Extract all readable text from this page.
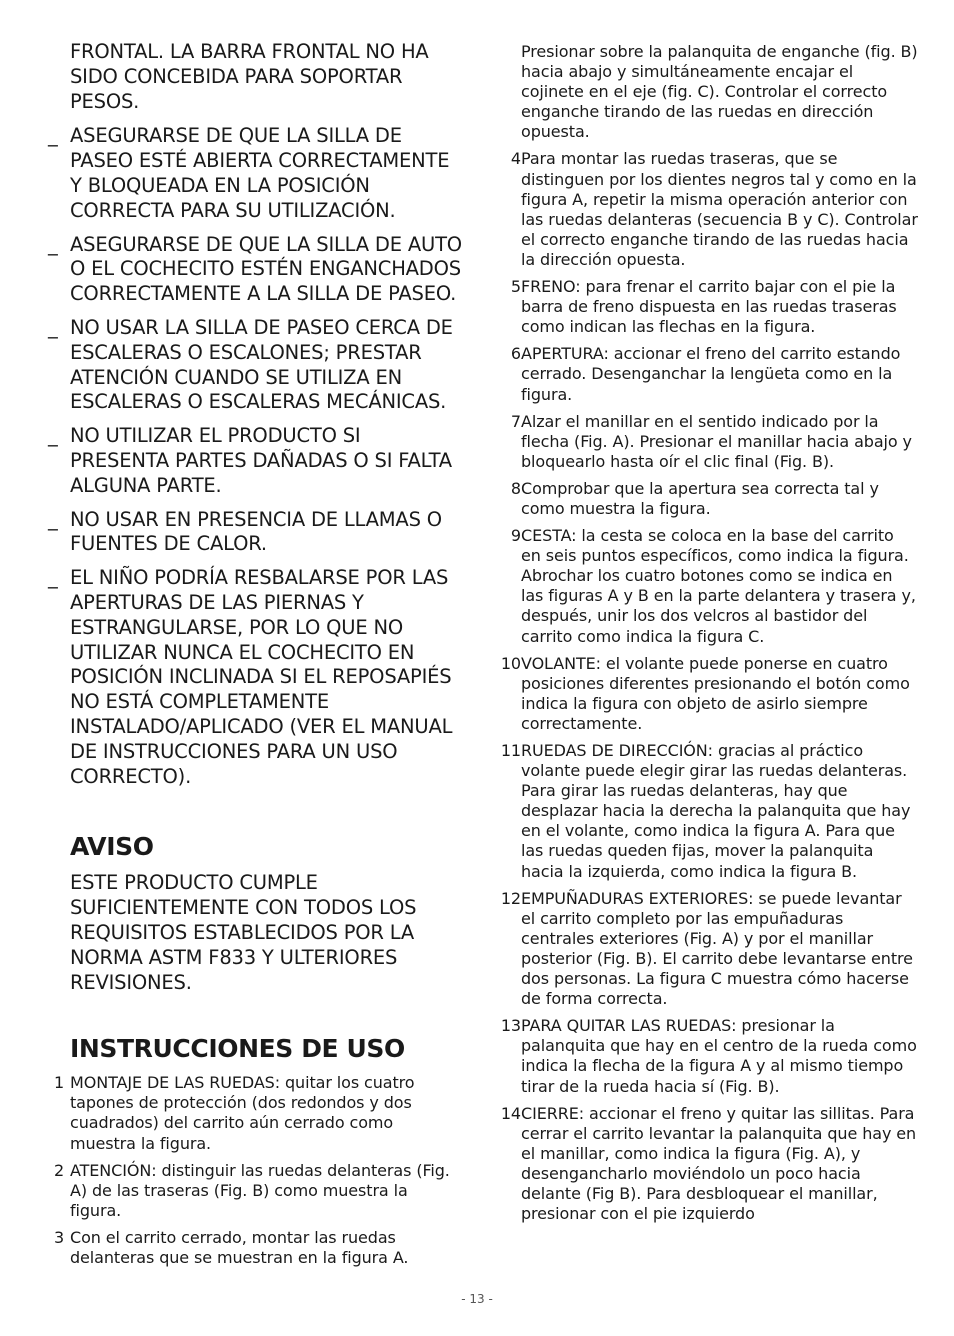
FRONTAL. LA BARRA FRONTAL NO HA SIDO CONCEBIDA PARA SOPORTAR PESOS.
_ ASEGURARSE DE QUE LA SILLA DE PASEO ESTÉ ABIERTA CORRECTAMENTE Y BLOQUEADA EN LA POSICIÓN CORRECTA PARA SU UTILIZACIÓN.
_ ASEGURARSE DE QUE LA SILLA DE AUTO O EL COCHECITO ESTÉN ENGANCHADOS CORRECTAMENTE A LA SILLA DE PASEO.
_ NO USAR LA SILLA DE PASEO CERCA DE ESCALERAS O ESCALONES; PRESTAR ATENCIÓN CUANDO SE UTILIZA EN ESCALERAS O ESCALERAS MECÁNICAS.
_ NO UTILIZAR EL PRODUCTO SI PRESENTA PARTES DAÑADAS O SI FALTA ALGUNA PARTE.
_ NO USAR EN PRESENCIA DE LLAMAS O FUENTES DE CALOR.
_ EL NIÑO PODRÍA RESBALARSE POR LAS APERTURAS DE LAS PIERNAS Y ESTRANGULARSE, POR LO QUE NO UTILIZAR NUNCA EL COCHECITO EN POSICIÓN INCLINADA SI EL REPOSAPIÉS NO ESTÁ COMPLETAMENTE INSTALADO/APLICADO (VER EL MANUAL DE INSTRUCCIONES PARA UN USO CORRECTO).
AVISO
ESTE PRODUCTO CUMPLE SUFICIENTEMENTE CON TODOS LOS REQUISITOS ESTABLECIDOS POR LA NORMA ASTM F833 Y ULTERIORES REVISIONES.
INSTRUCCIONES DE USO
1 MONTAJE DE LAS RUEDAS: quitar los cuatro tapones de protección (dos redondos y dos cuadrados) del carrito aún cerrado como muestra la figura.
2 ATENCIÓN: distinguir las ruedas delanteras (Fig. A) de las traseras (Fig. B) como muestra la figura.
3 Con el carrito cerrado, montar las ruedas delanteras que se muestran en la figura A.
Presionar sobre la palanquita de enganche (fig. B) hacia abajo y simultáneamente encajar el cojinete en el eje (fig. C). Controlar el correcto enganche tirando de las ruedas en dirección opuesta.
4 Para montar las ruedas traseras, que se distinguen por los dientes negros tal y como en la figura A, repetir la misma operación anterior con las ruedas delanteras (secuencia B y C). Controlar el correcto enganche tirando de las ruedas hacia la dirección opuesta.
5 FRENO: para frenar el carrito bajar con el pie la barra de freno dispuesta en las ruedas traseras como indican las flechas en la figura.
6 APERTURA: accionar el freno del carrito estando cerrado. Desenganchar la lengüeta como en la figura.
7 Alzar el manillar en el sentido indicado por la flecha (Fig. A). Presionar el manillar hacia abajo y bloquearlo hasta oír el clic final (Fig. B).
8 Comprobar que la apertura sea correcta tal y como muestra la figura.
9 CESTA: la cesta se coloca en la base del carrito en seis puntos específicos, como indica la figura. Abrochar los cuatro botones como se indica en las figuras A y B en la parte delantera y trasera y, después, unir los dos velcros al bastidor del carrito como indica la figura C.
10 VOLANTE: el volante puede ponerse en cuatro posiciones diferentes presionando el botón como indica la figura con objeto de asirlo siempre correctamente.
11 RUEDAS DE DIRECCIÓN: gracias al práctico volante puede elegir girar las ruedas delanteras. Para girar las ruedas delanteras, hay que desplazar hacia la derecha la palanquita que hay en el volante, como indica la figura A. Para que las ruedas queden fijas, mover la palanquita hacia la izquierda, como indica la figura B.
12 EMPUÑADURAS EXTERIORES: se puede levantar el carrito completo por las empuñaduras centrales exteriores (Fig. A) y por el manillar posterior (Fig. B). El carrito debe levantarse entre dos personas. La figura C muestra cómo hacerse de forma correcta.
13 PARA QUITAR LAS RUEDAS: presionar la palanquita que hay en el centro de la rueda como indica la flecha de la figura A y al mismo tiempo tirar de la rueda hacia sí (Fig. B).
14 CIERRE: accionar el freno y quitar las sillitas. Para cerrar el carrito levantar la palanquita que hay en el manillar, como indica la figura (Fig. A), y desengancharlo moviéndolo un poco hacia delante (Fig B). Para desbloquear el manillar, presionar con el pie izquierdo
- 13 -
